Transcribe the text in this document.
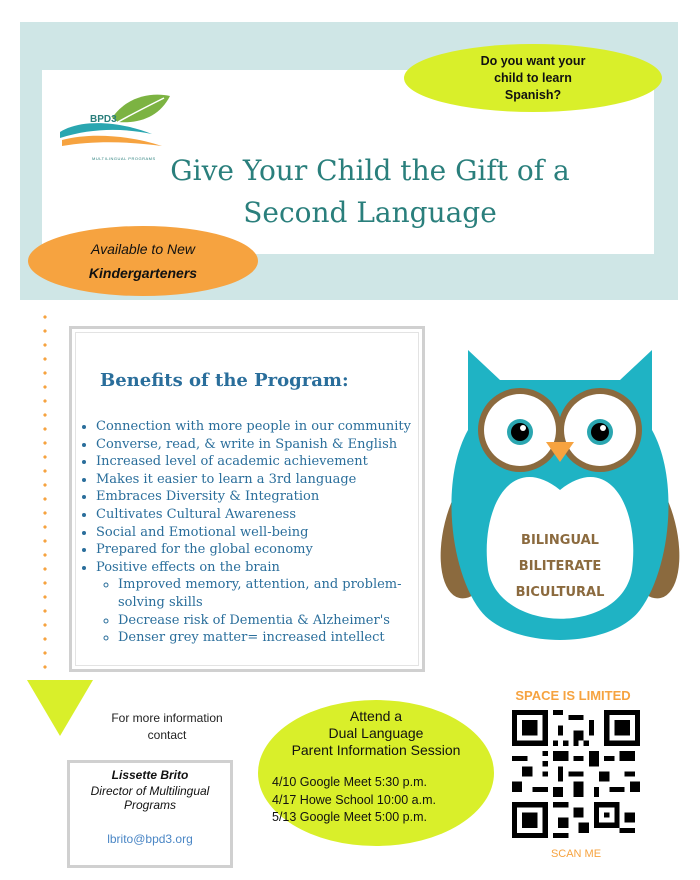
BPD3
MULTILINGUAL PROGRAMS Give Your Child the Gift of a
Second Language
Do you want your child to learn Spanish?
Available to New
Kindergarteners
Benefits of the Program:
• Connection with more people in our community
• Converse, read, & write in Spanish & English
• Increased level of academic achievement
• Makes it easier to learn a 3rd language
• Embraces Diversity & Integration
• Cultivates Cultural Awareness
• Social and Emotional well-being
• Prepared for the global economy
• Positive effects on the brain
◦ Improved memory, attention, and problem-solving skills
◦ Decrease risk of Dementia & Alzheimer's
◦ Denser grey matter= increased intellect
BILINGUAL
BILITERATE
BICULTURAL
For more information contact
Lissette Brito
Director of Multilingual Programs
lbrito@bpd3.org
Attend a
Dual Language
Parent Information Session
4/10 Google Meet 5:30 p.m.
4/17 Howe School 10:00 a.m.
5/13 Google Meet 5:00 p.m.
SPACE IS LIMITED
SCAN ME
